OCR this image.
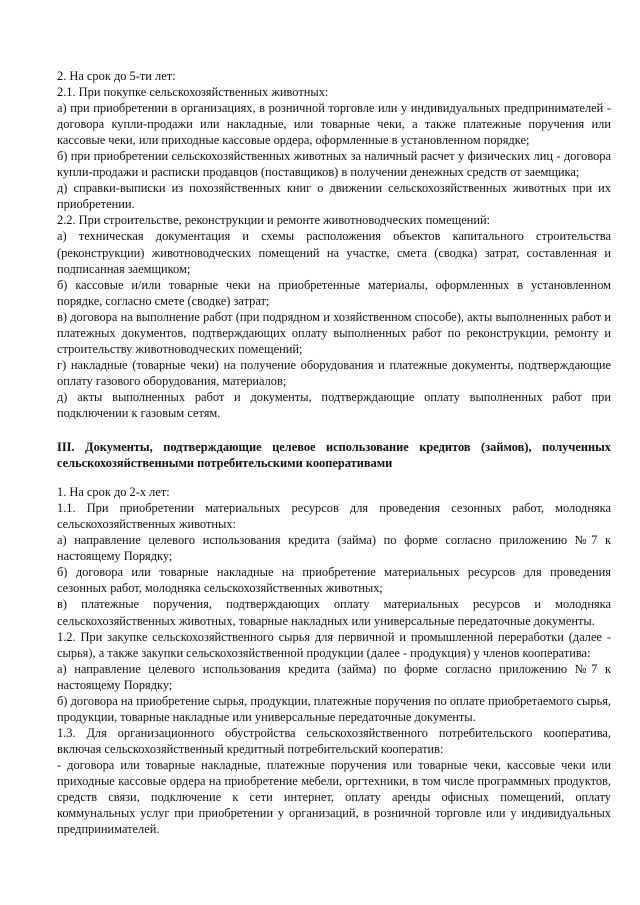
2. На срок до 5-ти лет:

2.1. При покупке сельскохозяйственных животных:

а) при приобретении в организациях, в розничной торговле или у индивидуальных предпринимателей - договора купли-продажи или накладные, или товарные чеки, а также платежные поручения или кассовые чеки, или приходные кассовые ордера, оформленные в установленном порядке;

б) при приобретении сельскохозяйственных животных за наличный расчет у физических лиц - договора купли-продажи и расписки продавцов (поставщиков) в получении денежных средств от заемщика;

д) справки-выписки из похозяйственных книг о движении сельскохозяйственных животных при их приобретении.

2.2. При строительстве, реконструкции и ремонте животноводческих помещений:

а) техническая документация и схемы расположения объектов капитального строительства (реконструкции) животноводческих помещений на участке, смета (сводка) затрат, составленная и подписанная заемщиком;

б) кассовые и/или товарные чеки на приобретенные материалы, оформленных в установленном порядке, согласно смете (сводке) затрат;

в) договора на выполнение работ (при подрядном и хозяйственном способе), акты выполненных работ и платежных документов, подтверждающих оплату выполненных работ по реконструкции, ремонту и строительству животноводческих помещений;

г) накладные (товарные чеки) на получение оборудования и платежные документы, подтверждающие оплату газового оборудования, материалов;

д) акты выполненных работ и документы, подтверждающие оплату выполненных работ при подключении к газовым сетям.

III. Документы, подтверждающие целевое использование кредитов (займов), полученных сельскохозяйственными потребительскими кооперативами

1. На срок до 2-х лет:

1.1. При приобретении материальных ресурсов для проведения сезонных работ, молодняка сельскохозяйственных животных:

а) направление целевого использования кредита (займа) по форме согласно приложению №7 к настоящему Порядку;

б) договора или товарные накладные на приобретение материальных ресурсов для проведения сезонных работ, молодняка сельскохозяйственных животных;

в) платежные поручения, подтверждающих оплату материальных ресурсов и молодняка сельскохозяйственных животных, товарные накладных или универсальные передаточные документы.

1.2. При закупке сельскохозяйственного сырья для первичной и промышленной переработки (далее - сырья), а также закупки сельскохозяйственной продукции (далее - продукция) у членов кооператива:

а) направление целевого использования кредита (займа) по форме согласно приложению №7 к настоящему Порядку;

б) договора на приобретение сырья, продукции, платежные поручения по оплате приобретаемого сырья, продукции, товарные накладные или универсальные передаточные документы.

1.3. Для организационного обустройства сельскохозяйственного потребительского кооператива, включая сельскохозяйственный кредитный потребительский кооператив:

- договора или товарные накладные, платежные поручения или товарные чеки, кассовые чеки или приходные кассовые ордера на приобретение мебели, оргтехники, в том числе программных продуктов, средств связи, подключение к сети интернет, оплату аренды офисных помещений, оплату коммунальных услуг при приобретении у организаций, в розничной торговле или у индивидуальных предпринимателей.
